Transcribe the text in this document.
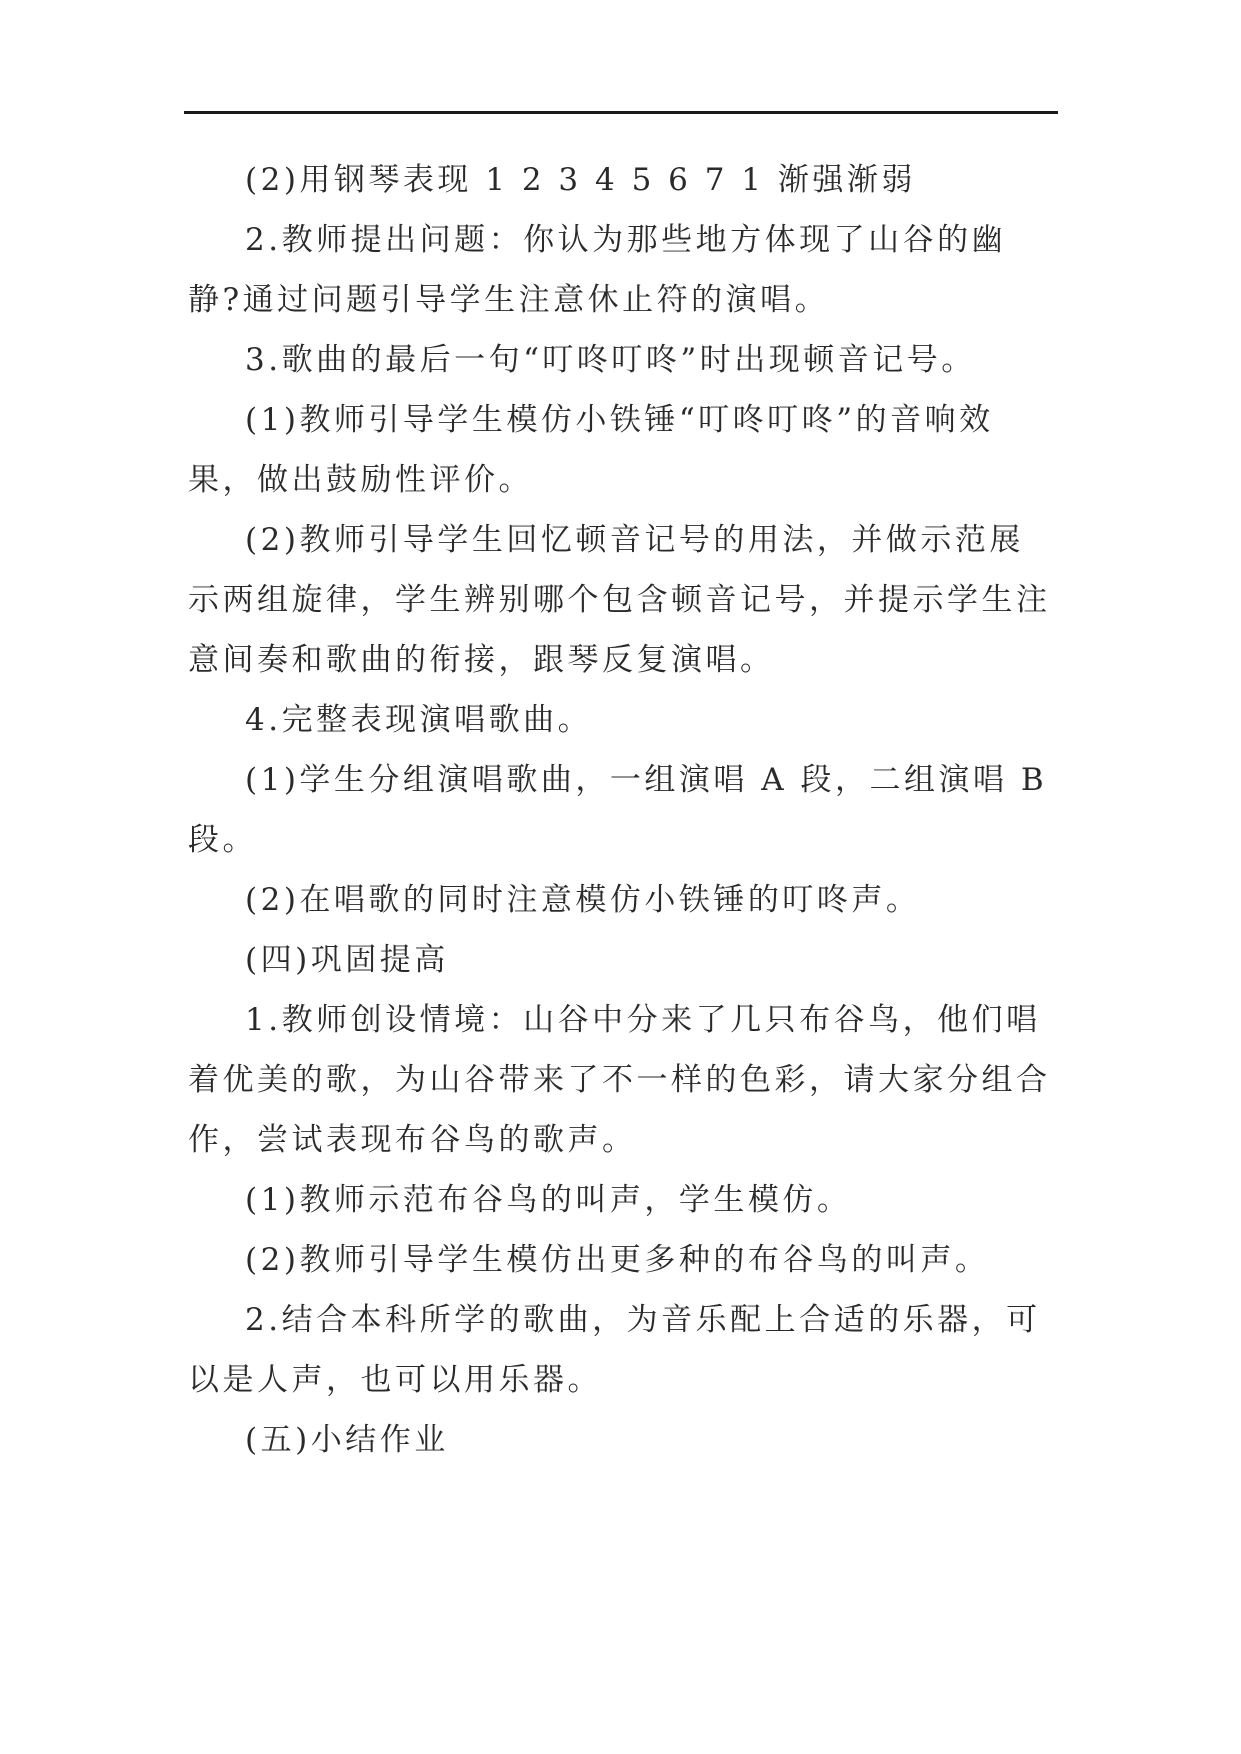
(2)用钢琴表现 1 2 3 4 5 6 7 1 渐强渐弱

2.教师提出问题：你认为那些地方体现了山谷的幽静?通过问题引导学生注意休止符的演唱。

3.歌曲的最后一句“叮咚叮咚”时出现顿音记号。

(1)教师引导学生模仿小铁锤“叮咚叮咚”的音响效果，做出鼓励性评价。

(2)教师引导学生回忆顿音记号的用法，并做示范展示两组旋律，学生辨别哪个包含顿音记号，并提示学生注意间奏和歌曲的衔接，跟琴反复演唱。

4.完整表现演唱歌曲。

(1)学生分组演唱歌曲，一组演唱 A 段，二组演唱 B 段。

(2)在唱歌的同时注意模仿小铁锤的叮咚声。

(四)巩固提高

1.教师创设情境：山谷中分来了几只布谷鸟，他们唱着优美的歌，为山谷带来了不一样的色彩，请大家分组合作，尝试表现布谷鸟的歌声。

(1)教师示范布谷鸟的叫声，学生模仿。

(2)教师引导学生模仿出更多种的布谷鸟的叫声。

2.结合本科所学的歌曲，为音乐配上合适的乐器，可以是人声，也可以用乐器。

(五)小结作业
